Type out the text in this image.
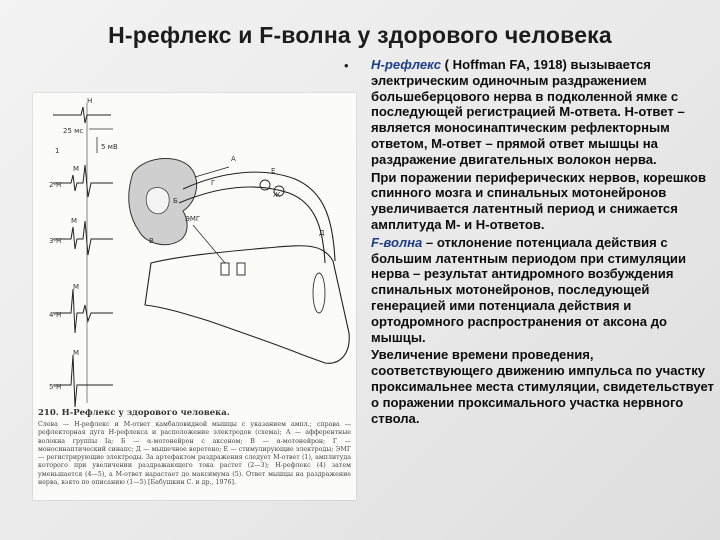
Н-рефлекс и F-волна у здорового человека
Н
25 мс
5 мВ
1
М
2-Н
М
3-Н
М
4-Н
М
5-Н
Г
А
Е
Ж
Д
Б
В
ЭМГ
210. Н-Рефлекс у здорового человека.
Слева — Н-рефлекс и М-ответ камбаловидной мышцы с указанием ампл.; справа — рефлекторная дуга Н-рефлекса и расположение электродов (схема); А — афферентные волокна группы Ia; Б — α-мотонейрон с аксоном; В — α-мотонейрон; Г — моносинаптический синапс; Д — мышечное веретено; Е — стимулирующие электроды; ЭМГ — регистрирующие электроды. 3а артефактом раздражения следует М-ответ (1), амплитуда которого при увеличении раздражающего тока растет (2—3); Н-рефлекс (4) затем уменьшается (4—5), а М-ответ нарастает до максимума (5). Ответ мышцы на раздражение нерва, взято по описанию (1—5) [Бабушкин С. и др., 1976].
• Н-рефлекс ( Hoffman FA, 1918) вызывается электрическим одиночным раздражением большеберцового нерва в подколенной ямке с последующей регистрацией М-ответа. Н-ответ – является моносинаптическим рефлекторным ответом, М-ответ – прямой ответ мышцы на раздражение двигательных волокон нерва.

При поражении периферических нервов, корешков спинного мозга и спинальных мотонейронов увеличивается латентный период и снижается амплитуда М- и Н-ответов.

F-волна – отклонение потенциала действия с большим латентным периодом при стимуляции нерва – результат антидромного возбуждения спинальных мотонейронов, последующей генерацией ими потенциала действия и ортодромного распространения от аксона до мышцы.

Увеличение времени проведения, соответствующего движению импульса по участку проксимальнее места стимуляции, свидетельствует о поражении проксимального участка нервного ствола.
